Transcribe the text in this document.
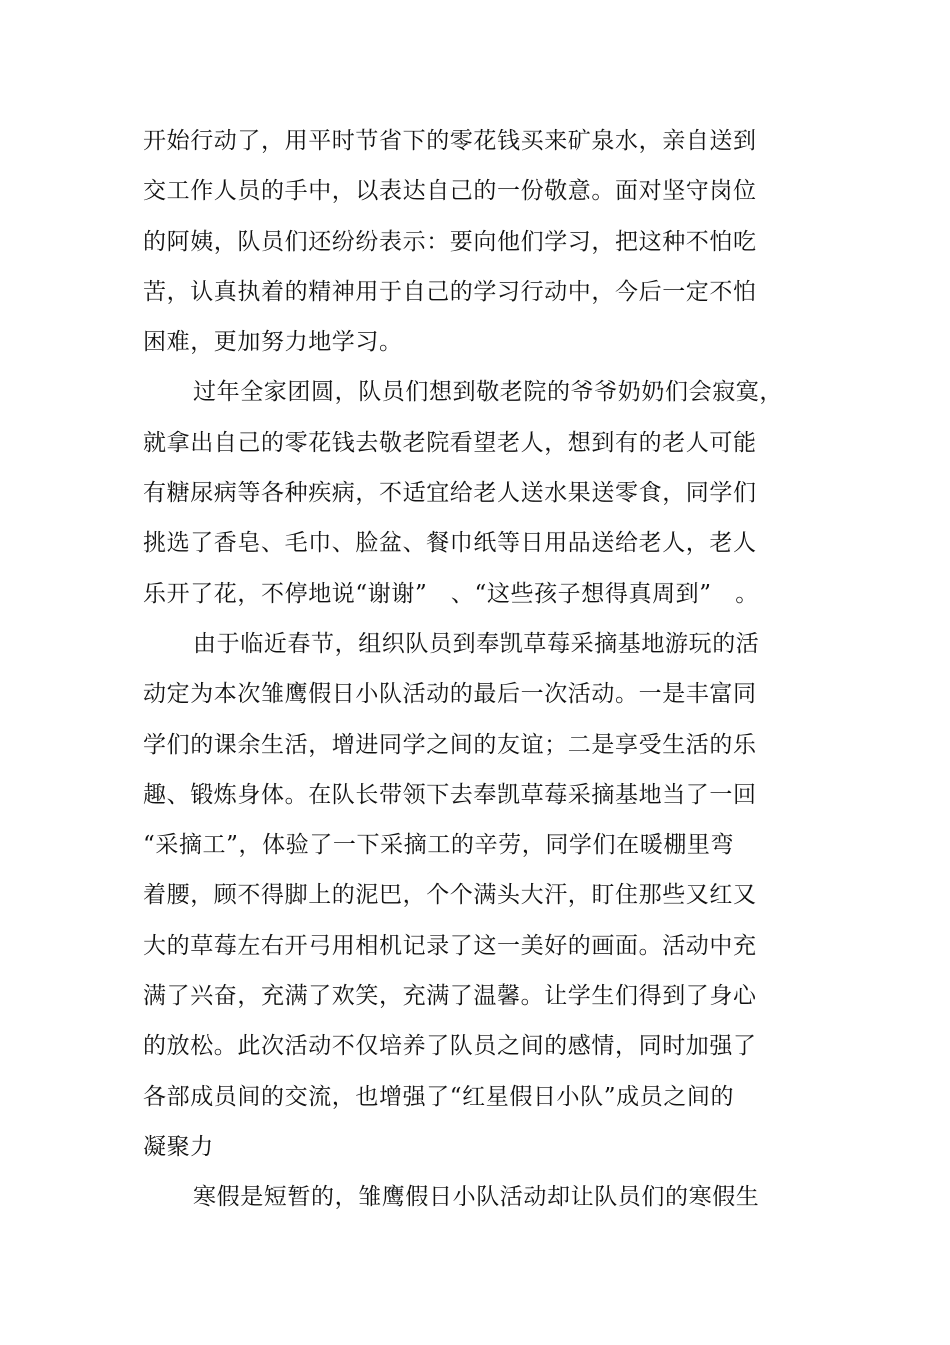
开始行动了，用平时节省下的零花钱买来矿泉水，亲自送到
交工作人员的手中，以表达自己的一份敬意。面对坚守岗位
的阿姨，队员们还纷纷表示：要向他们学习，把这种不怕吃
苦，认真执着的精神用于自己的学习行动中，今后一定不怕
困难，更加努力地学习。
过年全家团圆，队员们想到敬老院的爷爷奶奶们会寂寞，
就拿出自己的零花钱去敬老院看望老人，想到有的老人可能
有糖尿病等各种疾病，不适宜给老人送水果送零食，同学们
挑选了香皂、毛巾、脸盆、餐巾纸等日用品送给老人，老人
乐开了花，不停地说“谢谢”　、“这些孩子想得真周到”　。
由于临近春节，组织队员到奉凯草莓采摘基地游玩的活
动定为本次雏鹰假日小队活动的最后一次活动。一是丰富同
学们的课余生活，增进同学之间的友谊；二是享受生活的乐
趣、锻炼身体。在队长带领下去奉凯草莓采摘基地当了一回
“采摘工”，体验了一下采摘工的辛劳，同学们在暖棚里弯
着腰，顾不得脚上的泥巴，个个满头大汗，盯住那些又红又
大的草莓左右开弓用相机记录了这一美好的画面。活动中充
满了兴奋，充满了欢笑，充满了温馨。让学生们得到了身心
的放松。此次活动不仅培养了队员之间的感情，同时加强了
各部成员间的交流，也增强了“红星假日小队”成员之间的
凝聚力
寒假是短暂的，雏鹰假日小队活动却让队员们的寒假生
